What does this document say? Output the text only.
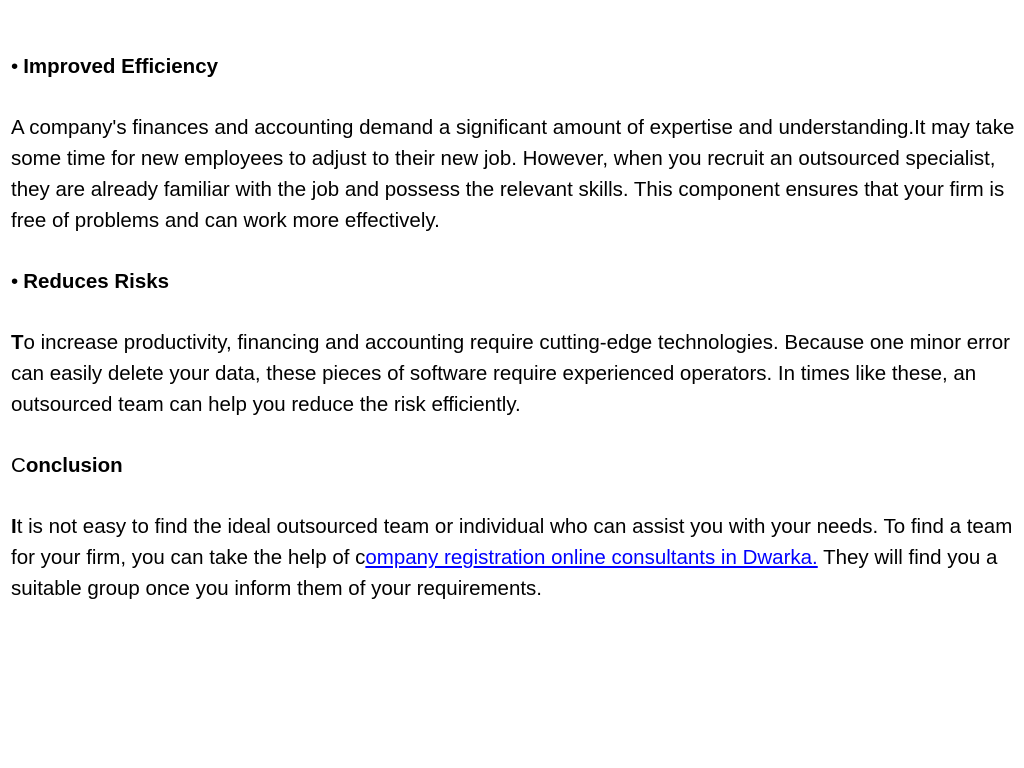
• Improved Efficiency

A company's finances and accounting demand a significant amount of expertise and understanding.It may take some time for new employees to adjust to their new job. However, when you recruit an outsourced specialist, they are already familiar with the job and possess the relevant skills. This component ensures that your firm is free of problems and can work more effectively.

• Reduces Risks

To increase productivity, financing and accounting require cutting-edge technologies. Because one minor error can easily delete your data, these pieces of software require experienced operators. In times like these, an outsourced team can help you reduce the risk efficiently.

Conclusion

It is not easy to find the ideal outsourced team or individual who can assist you with your needs. To find a team for your firm, you can take the help of company registration online consultants in Dwarka. They will find you a suitable group once you inform them of your requirements.
